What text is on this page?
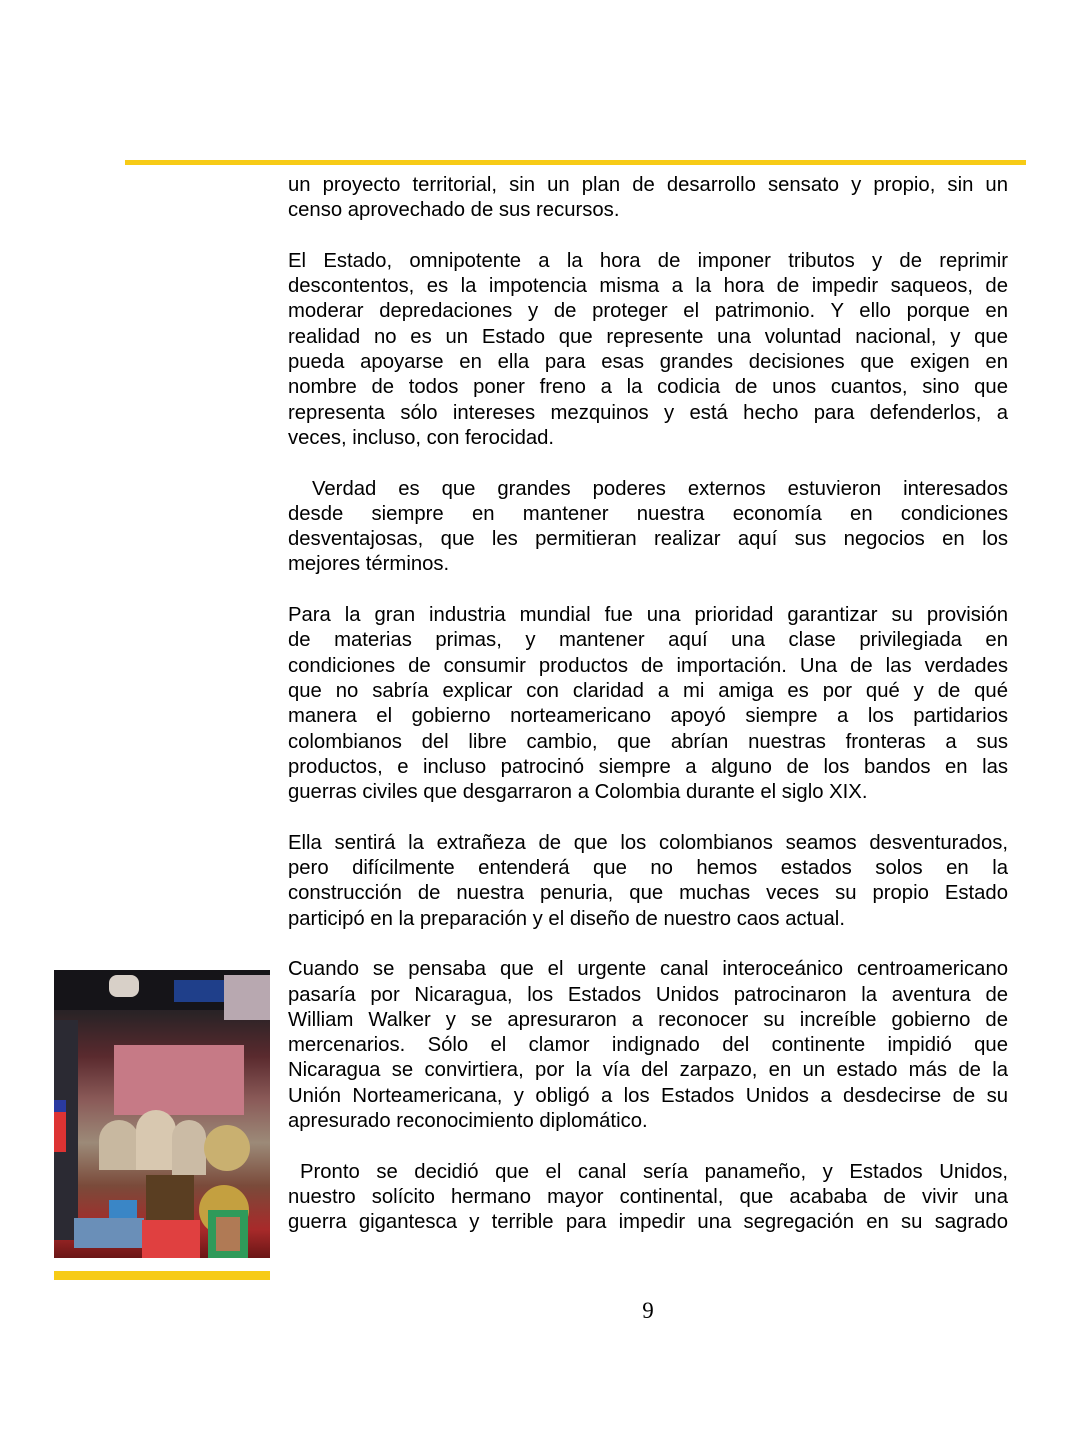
un proyecto territorial, sin un plan de desarrollo sensato y propio, sin un
censo aprovechado de sus recursos.
El Estado, omnipotente a la hora de imponer tributos y de reprimir
descontentos, es la impotencia misma a la hora de impedir saqueos, de
moderar depredaciones y de proteger el patrimonio. Y ello porque en
realidad no es un Estado que represente una voluntad nacional, y que
pueda apoyarse en ella para esas grandes decisiones que exigen en
nombre de todos poner freno a la codicia de unos cuantos, sino que
representa sólo intereses mezquinos y está hecho para defenderlos, a
veces, incluso, con ferocidad.
Verdad es que grandes poderes externos estuvieron interesados
desde siempre en mantener nuestra economía en condiciones
desventajosas, que les permitieran realizar aquí sus negocios en los
mejores términos.
Para la gran industria mundial fue una prioridad garantizar su provisión
de materias primas, y mantener aquí una clase privilegiada en
condiciones de consumir productos de importación. Una de las verdades
que no sabría explicar con claridad a mi amiga es por qué y de qué
manera el gobierno norteamericano apoyó siempre a los partidarios
colombianos del libre cambio, que abrían nuestras fronteras a sus
productos, e incluso patrocinó siempre a alguno de los bandos en las
guerras civiles que desgarraron a Colombia durante el siglo XIX.
Ella sentirá la extrañeza de que los colombianos seamos desventurados,
pero difícilmente entenderá que no hemos estados solos en la
construcción de nuestra penuria, que muchas veces su propio Estado
participó en la preparación y el diseño de nuestro caos actual.
Cuando se pensaba que el urgente canal interoceánico centroamericano
pasaría por Nicaragua, los Estados Unidos patrocinaron la aventura de
William Walker y se apresuraron a reconocer su increíble gobierno de
mercenarios. Sólo el clamor indignado del continente impidió que
Nicaragua se convirtiera, por la vía del zarpazo, en un estado más de la
Unión Norteamericana, y obligó a los Estados Unidos a desdecirse de su
apresurado reconocimiento diplomático.
Pronto se decidió que el canal sería panameño, y Estados Unidos,
nuestro solícito hermano mayor continental, que acababa de vivir una
guerra gigantesca y terrible para impedir una segregación en su sagrado
9
